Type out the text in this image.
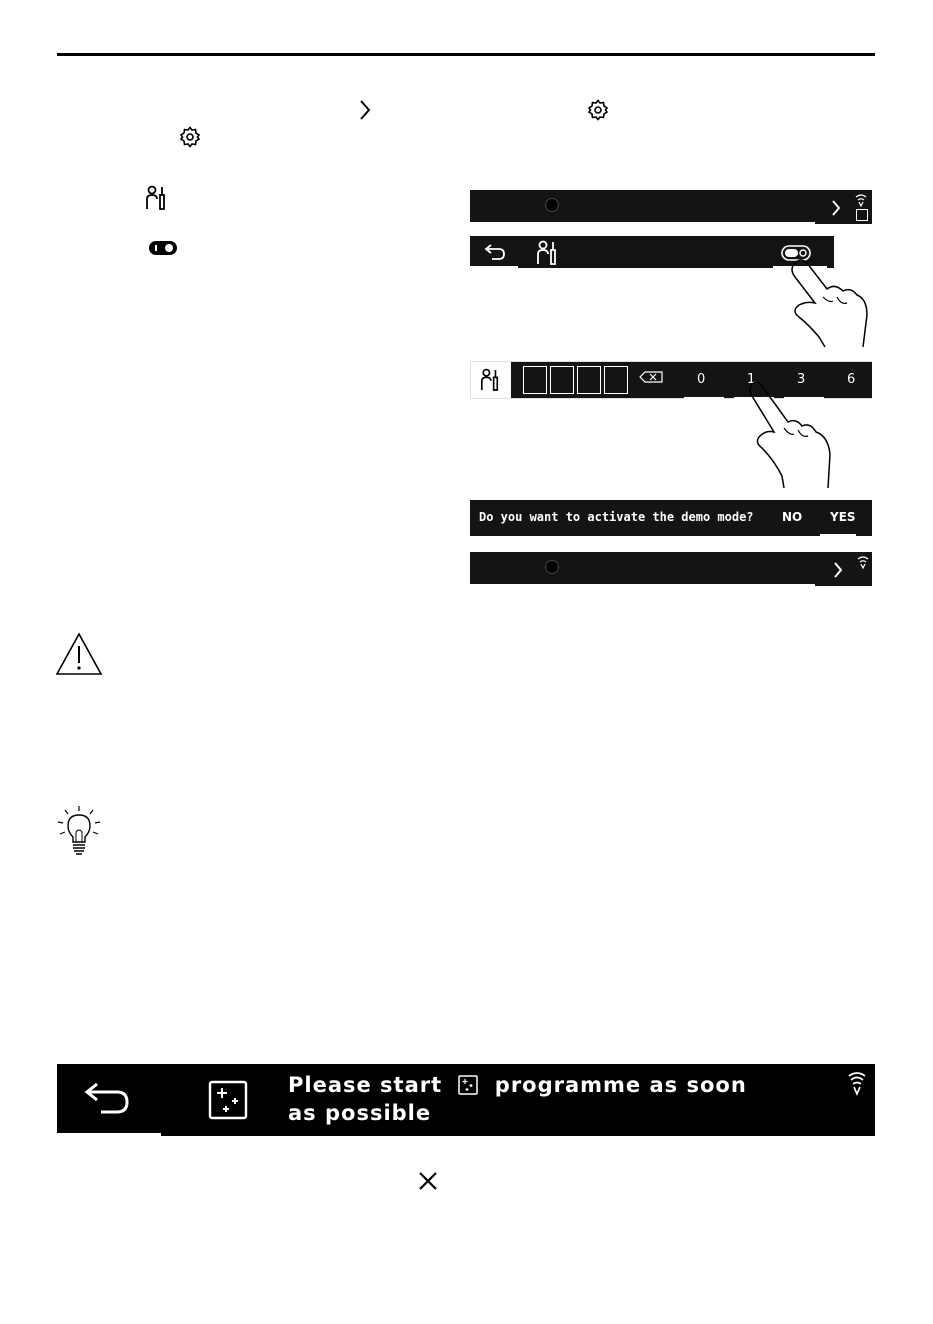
0	1	3	6
Do you want to activate the demo mode? NO YES
Please start	programme as soon
as possible
